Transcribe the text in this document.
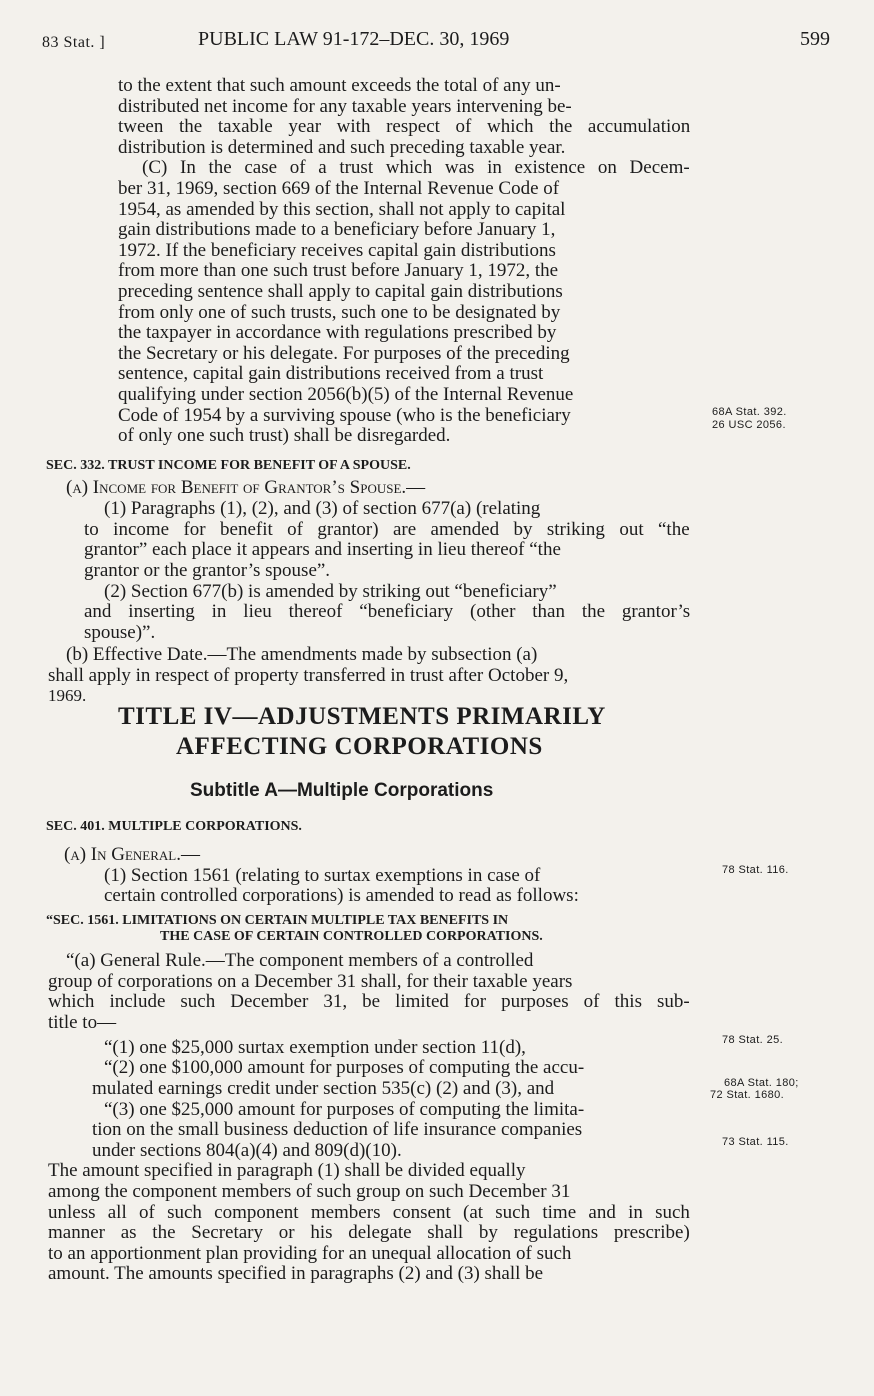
83 Stat. ]	PUBLIC LAW 91-172–DEC. 30, 1969	599
to the extent that such amount exceeds the total of any un-
distributed net income for any taxable years intervening be-
tween the taxable year with respect of which the accumulation
distribution is determined and such preceding taxable year.
(C) In the case of a trust which was in existence on Decem-
ber 31, 1969, section 669 of the Internal Revenue Code of
1954, as amended by this section, shall not apply to capital
gain distributions made to a beneficiary before January 1,
1972. If the beneficiary receives capital gain distributions
from more than one such trust before January 1, 1972, the
preceding sentence shall apply to capital gain distributions
from only one of such trusts, such one to be designated by
the taxpayer in accordance with regulations prescribed by
the Secretary or his delegate. For purposes of the preceding
sentence, capital gain distributions received from a trust
qualifying under section 2056(b)(5) of the Internal Revenue
Code of 1954 by a surviving spouse (who is the beneficiary
of only one such trust) shall be disregarded.
68A Stat. 392.
26 USC 2056.
SEC. 332. TRUST INCOME FOR BENEFIT OF A SPOUSE.
(a) Income for Benefit of Grantor’s Spouse.—
(1) Paragraphs (1), (2), and (3) of section 677(a) (relating
to income for benefit of grantor) are amended by striking out “the
grantor” each place it appears and inserting in lieu thereof “the
grantor or the grantor’s spouse”.
(2) Section 677(b) is amended by striking out “beneficiary”
and inserting in lieu thereof “beneficiary (other than the grantor’s
spouse)”.
(b) Effective Date.—The amendments made by subsection (a)
shall apply in respect of property transferred in trust after October 9,
1969.
TITLE IV—ADJUSTMENTS PRIMARILY
AFFECTING CORPORATIONS
Subtitle A—Multiple Corporations
SEC. 401. MULTIPLE CORPORATIONS.
(a) In General.—
(1) Section 1561 (relating to surtax exemptions in case of
certain controlled corporations) is amended to read as follows:
78 Stat. 116.
“SEC. 1561. LIMITATIONS ON CERTAIN MULTIPLE TAX BENEFITS IN
THE CASE OF CERTAIN CONTROLLED CORPORATIONS.
“(a) General Rule.—The component members of a controlled
group of corporations on a December 31 shall, for their taxable years
which include such December 31, be limited for purposes of this sub-
title to—
“(1) one $25,000 surtax exemption under section 11(d),
“(2) one $100,000 amount for purposes of computing the accu-
mulated earnings credit under section 535(c) (2) and (3), and
“(3) one $25,000 amount for purposes of computing the limita-
tion on the small business deduction of life insurance companies
under sections 804(a)(4) and 809(d)(10).
The amount specified in paragraph (1) shall be divided equally
among the component members of such group on such December 31
unless all of such component members consent (at such time and in such
manner as the Secretary or his delegate shall by regulations prescribe)
to an apportionment plan providing for an unequal allocation of such
amount. The amounts specified in paragraphs (2) and (3) shall be
78 Stat. 25.
68A Stat. 180;
72 Stat. 1680.
73 Stat. 115.
